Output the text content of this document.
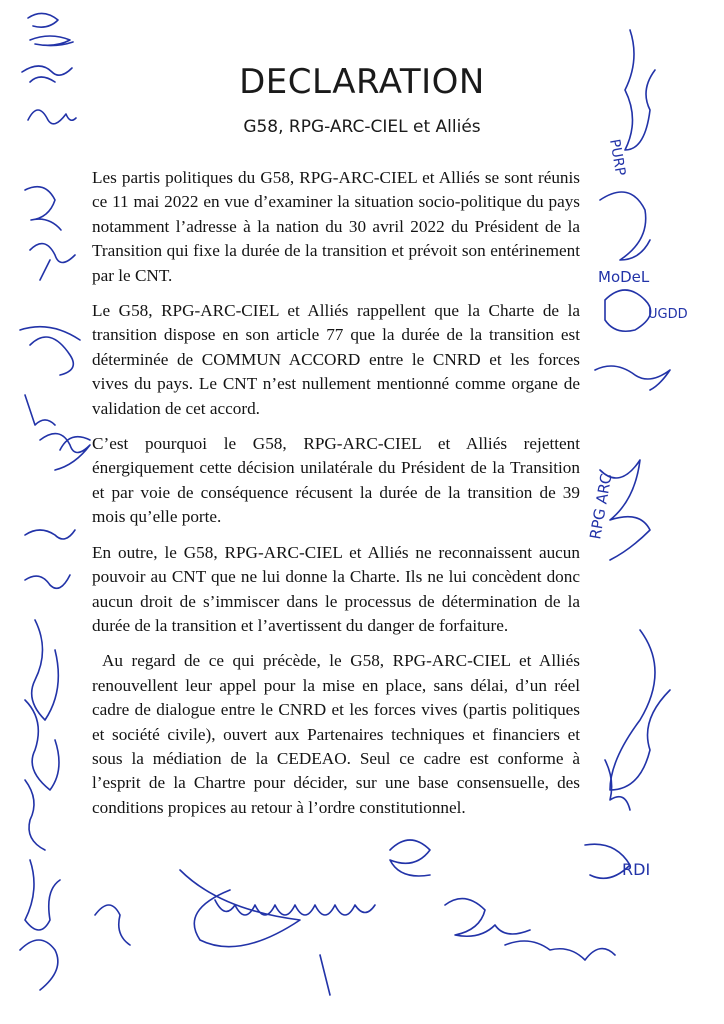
DECLARATION
G58, RPG-ARC-CIEL et Alliés

Les partis politiques du G58, RPG-ARC-CIEL et Alliés se sont réunis ce 11 mai 2022 en vue d’examiner la situation socio-politique du pays notamment l’adresse à la nation du 30 avril 2022 du Président de la Transition qui fixe la durée de la transition et prévoit son entérinement par le CNT.

Le G58, RPG-ARC-CIEL et Alliés rappellent que la Charte de la transition dispose en son article 77 que la durée de la transition est déterminée de COMMUN ACCORD entre le CNRD et les forces vives du pays. Le CNT n’est nullement mentionné comme organe de validation de cet accord.

C’est pourquoi le G58, RPG-ARC-CIEL et Alliés rejettent énergiquement cette décision unilatérale du Président de la Transition et par voie de conséquence récusent la durée de la transition de 39 mois qu’elle porte.

En outre, le G58, RPG-ARC-CIEL et Alliés ne reconnaissent aucun pouvoir au CNT que ne lui donne la Charte. Ils ne lui concèdent donc aucun droit de s’immiscer dans le processus de détermination de la durée de la transition et l’avertissent du danger de forfaiture.

Au regard de ce qui précède, le G58, RPG-ARC-CIEL et Alliés renouvellent leur appel pour la mise en place, sans délai, d’un réel cadre de dialogue entre le CNRD et les forces vives (partis politiques et société civile), ouvert aux Partenaires techniques et financiers et sous la médiation de la CEDEAO. Seul ce cadre est conforme à l’esprit de la Chartre pour décider, sur une base consensuelle, des conditions propices au retour à l’ordre constitutionnel.

MoDeL
UGDD
RDI
PURP
RPG ARC
